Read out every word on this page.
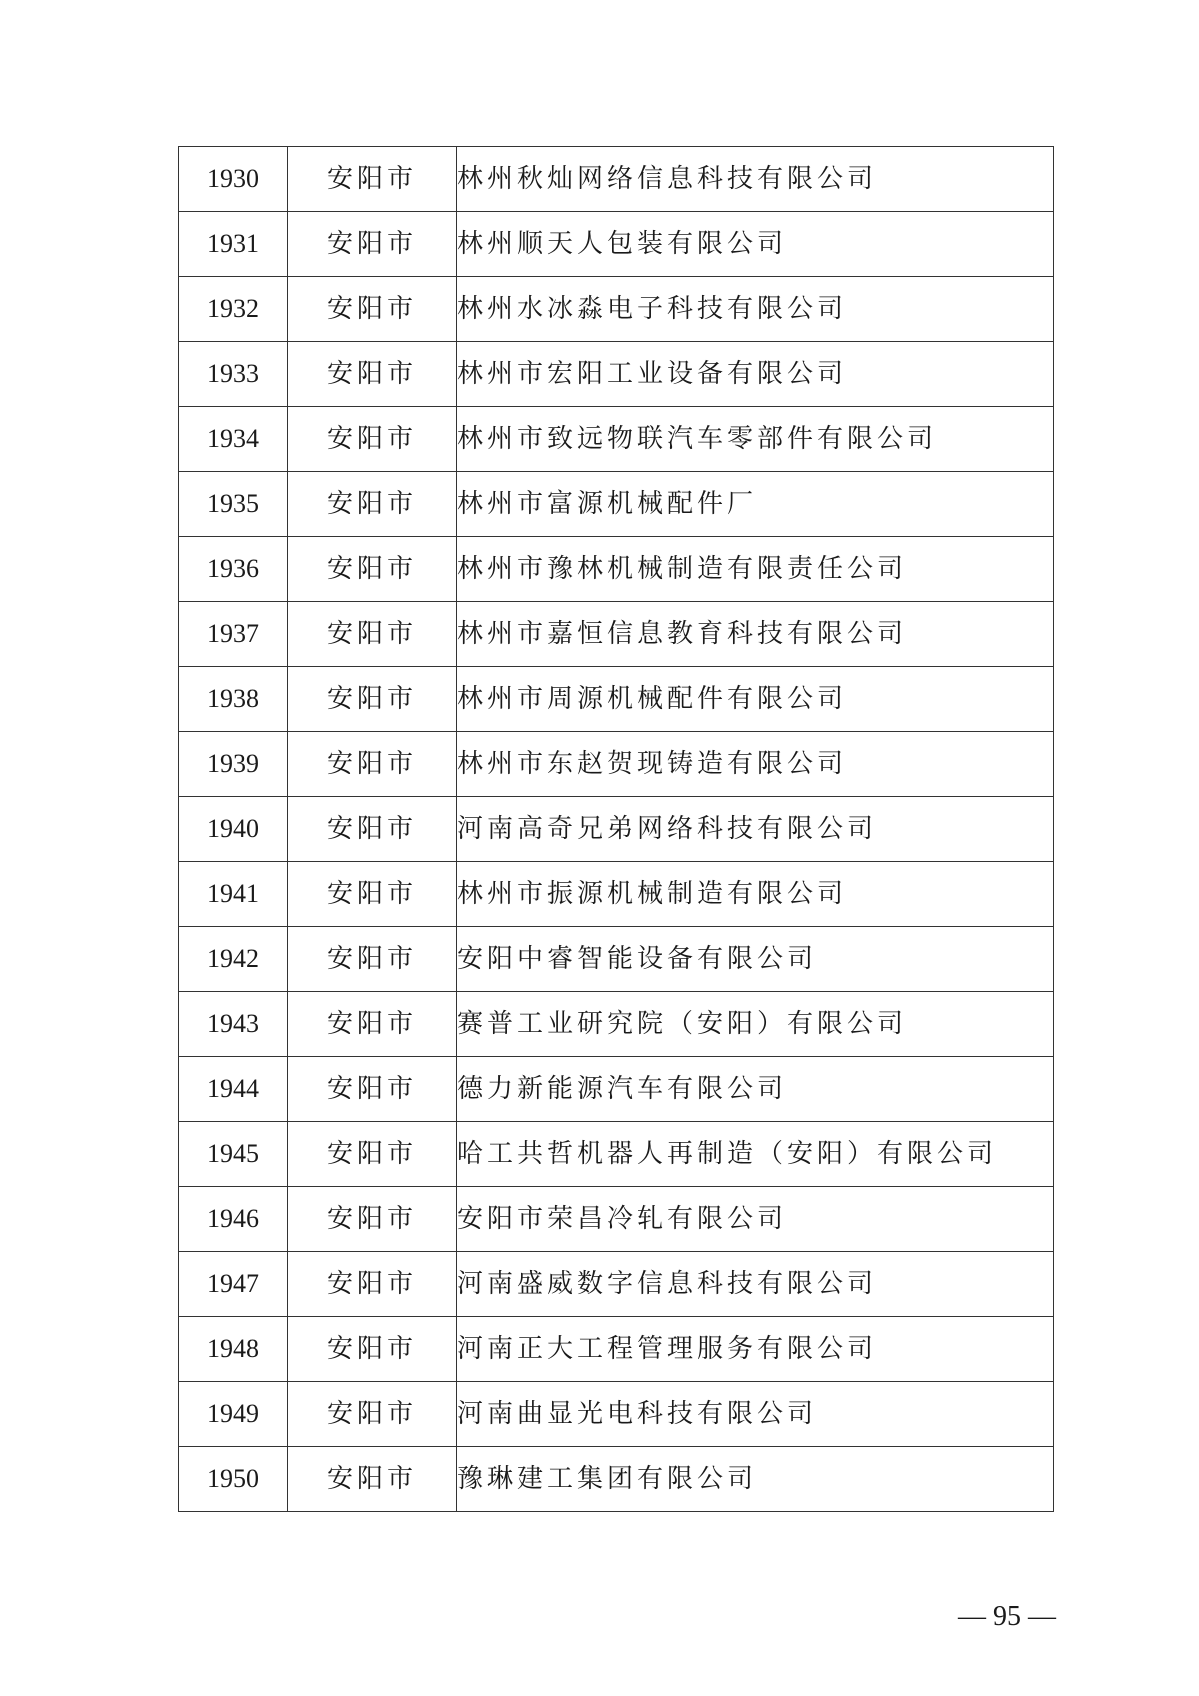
1930	安阳市	林州秋灿网络信息科技有限公司
1931	安阳市	林州顺天人包装有限公司
1932	安阳市	林州水冰淼电子科技有限公司
1933	安阳市	林州市宏阳工业设备有限公司
1934	安阳市	林州市致远物联汽车零部件有限公司
1935	安阳市	林州市富源机械配件厂
1936	安阳市	林州市豫林机械制造有限责任公司
1937	安阳市	林州市嘉恒信息教育科技有限公司
1938	安阳市	林州市周源机械配件有限公司
1939	安阳市	林州市东赵贺现铸造有限公司
1940	安阳市	河南高奇兄弟网络科技有限公司
1941	安阳市	林州市振源机械制造有限公司
1942	安阳市	安阳中睿智能设备有限公司
1943	安阳市	赛普工业研究院（安阳）有限公司
1944	安阳市	德力新能源汽车有限公司
1945	安阳市	哈工共哲机器人再制造（安阳）有限公司
1946	安阳市	安阳市荣昌冷轧有限公司
1947	安阳市	河南盛威数字信息科技有限公司
1948	安阳市	河南正大工程管理服务有限公司
1949	安阳市	河南曲显光电科技有限公司
1950	安阳市	豫琳建工集团有限公司
— 95 —
